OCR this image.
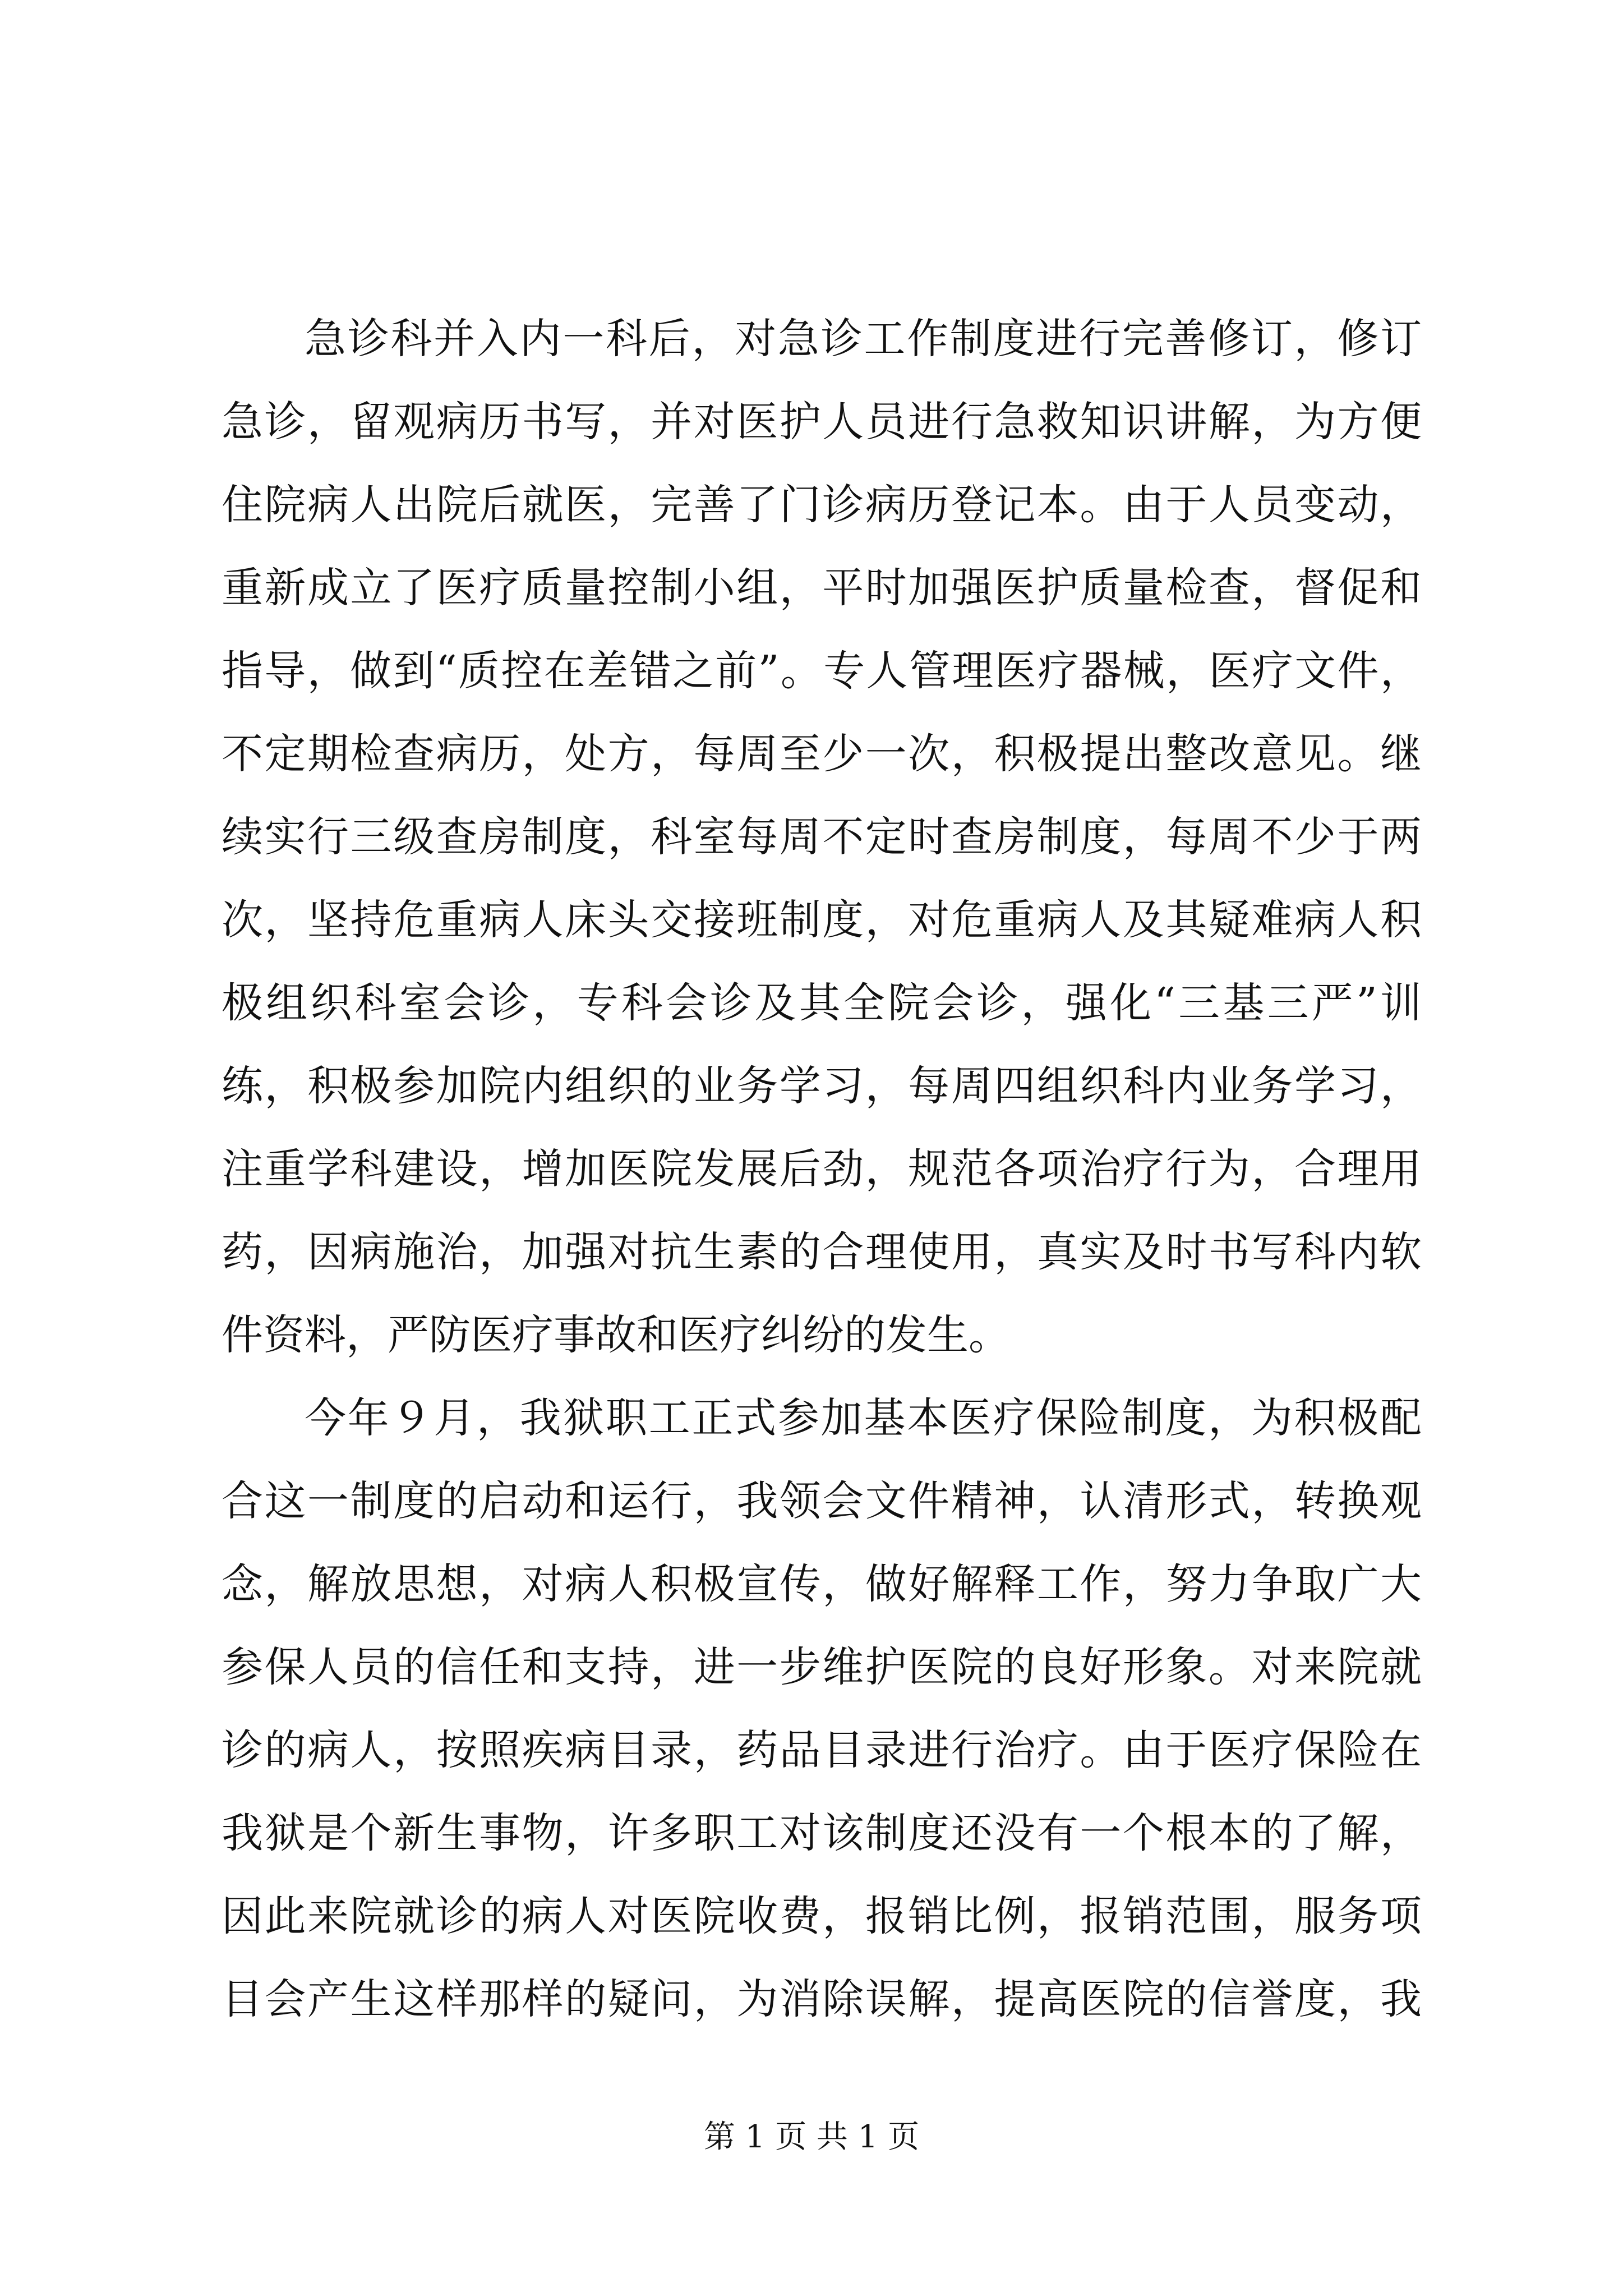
急诊科并入内一科后，对急诊工作制度进行完善修订，修订
急诊，留观病历书写，并对医护人员进行急救知识讲解，为方便
住院病人出院后就医，完善了门诊病历登记本。由于人员变动，
重新成立了医疗质量控制小组，平时加强医护质量检查，督促和
指导，做到“质控在差错之前”。专人管理医疗器械，医疗文件，
不定期检查病历，处方，每周至少一次，积极提出整改意见。继
续实行三级查房制度，科室每周不定时查房制度，每周不少于两
次，坚持危重病人床头交接班制度，对危重病人及其疑难病人积
极组织科室会诊，专科会诊及其全院会诊，强化“三基三严”训
练，积极参加院内组织的业务学习，每周四组织科内业务学习，
注重学科建设，增加医院发展后劲，规范各项治疗行为，合理用
药，因病施治，加强对抗生素的合理使用，真实及时书写科内软
件资料，严防医疗事故和医疗纠纷的发生。
今年９月，我狱职工正式参加基本医疗保险制度，为积极配
合这一制度的启动和运行，我领会文件精神，认清形式，转换观
念，解放思想，对病人积极宣传，做好解释工作，努力争取广大
参保人员的信任和支持，进一步维护医院的良好形象。对来院就
诊的病人，按照疾病目录，药品目录进行治疗。由于医疗保险在
我狱是个新生事物，许多职工对该制度还没有一个根本的了解，
因此来院就诊的病人对医院收费，报销比例，报销范围，服务项
目会产生这样那样的疑问，为消除误解，提高医院的信誉度，我
第 1 页 共 1 页
